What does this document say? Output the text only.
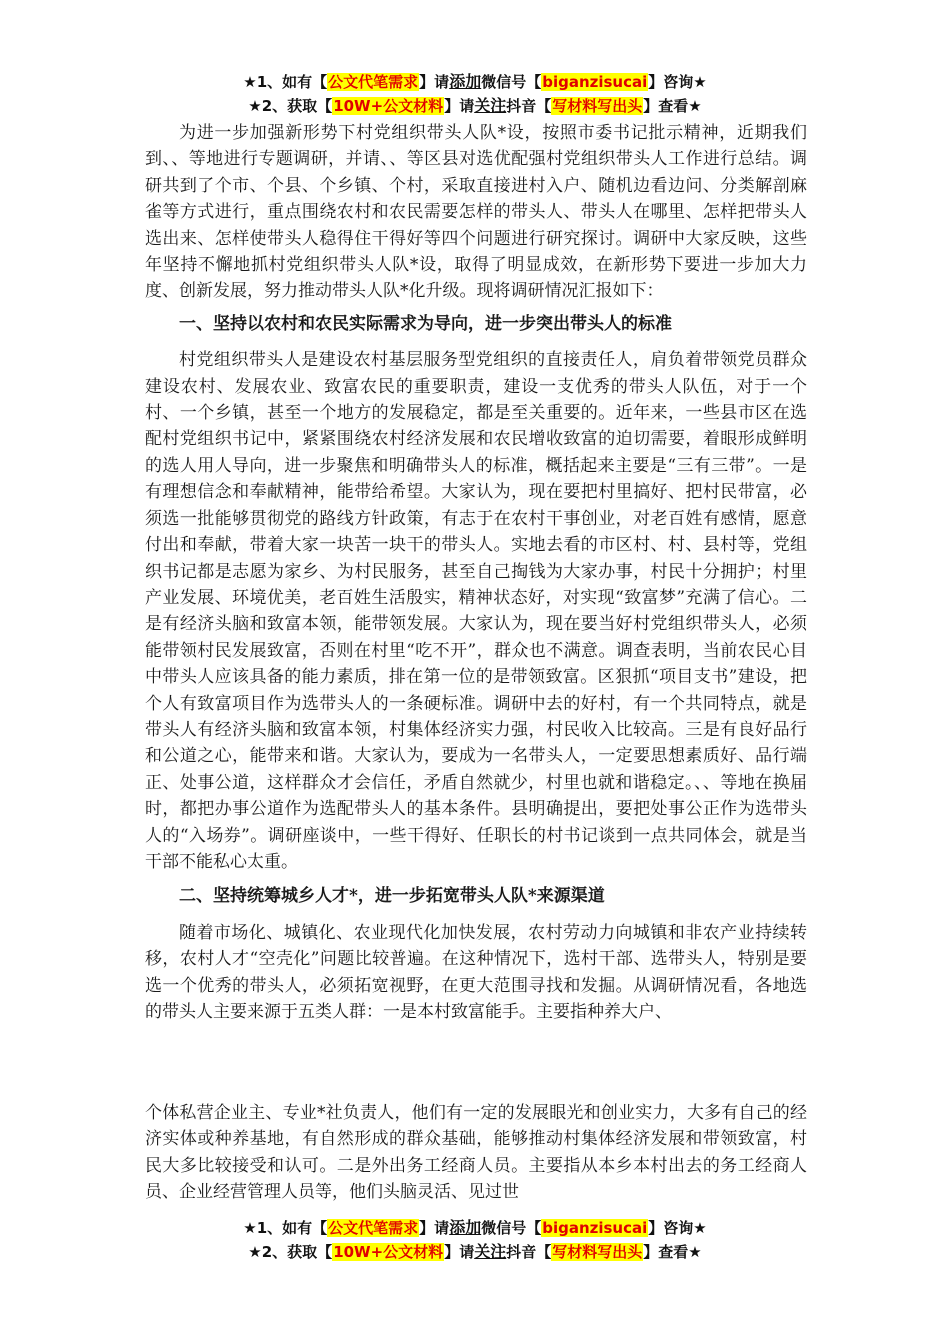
★1、如有【公文代笔需求】请添加微信号【biganzisucai】咨询★
★2、获取【10W+公文材料】请关注抖音【写材料写出头】查看★

为进一步加强新形势下村党组织带头人队*设，按照市委书记批示精神，近期我们到、、等地进行专题调研，并请、、等区县对选优配强村党组织带头人工作进行总结。调研共到了个市、个县、个乡镇、个村，采取直接进村入户、随机边看边问、分类解剖麻雀等方式进行，重点围绕农村和农民需要怎样的带头人、带头人在哪里、怎样把带头人选出来、怎样使带头人稳得住干得好等四个问题进行研究探讨。调研中大家反映，这些年坚持不懈地抓村党组织带头人队*设，取得了明显成效，在新形势下要进一步加大力度、创新发展，努力推动带头人队*化升级。现将调研情况汇报如下：

一、坚持以农村和农民实际需求为导向，进一步突出带头人的标准

村党组织带头人是建设农村基层服务型党组织的直接责任人，肩负着带领党员群众建设农村、发展农业、致富农民的重要职责，建设一支优秀的带头人队伍，对于一个村、一个乡镇，甚至一个地方的发展稳定，都是至关重要的。近年来，一些县市区在选配村党组织书记中，紧紧围绕农村经济发展和农民增收致富的迫切需要，着眼形成鲜明的选人用人导向，进一步聚焦和明确带头人的标准，概括起来主要是“三有三带”。一是有理想信念和奉献精神，能带给希望。大家认为，现在要把村里搞好、把村民带富，必须选一批能够贯彻党的路线方针政策，有志于在农村干事创业，对老百姓有感情，愿意付出和奉献，带着大家一块苦一块干的带头人。实地去看的市区村、村、县村等，党组织书记都是志愿为家乡、为村民服务，甚至自己掏钱为大家办事，村民十分拥护；村里产业发展、环境优美，老百姓生活殷实，精神状态好，对实现“致富梦”充满了信心。二是有经济头脑和致富本领，能带领发展。大家认为，现在要当好村党组织带头人，必须能带领村民发展致富，否则在村里“吃不开”，群众也不满意。调查表明，当前农民心目中带头人应该具备的能力素质，排在第一位的是带领致富。区狠抓“项目支书”建设，把个人有致富项目作为选带头人的一条硬标准。调研中去的好村，有一个共同特点，就是带头人有经济头脑和致富本领，村集体经济实力强，村民收入比较高。三是有良好品行和公道之心，能带来和谐。大家认为，要成为一名带头人，一定要思想素质好、品行端正、处事公道，这样群众才会信任，矛盾自然就少，村里也就和谐稳定。、、等地在换届时，都把办事公道作为选配带头人的基本条件。县明确提出，要把处事公正作为选带头人的“入场券”。调研座谈中，一些干得好、任职长的村书记谈到一点共同体会，就是当干部不能私心太重。

二、坚持统筹城乡人才*，进一步拓宽带头人队*来源渠道

随着市场化、城镇化、农业现代化加快发展，农村劳动力向城镇和非农产业持续转移，农村人才“空壳化”问题比较普遍。在这种情况下，选村干部、选带头人，特别是要选一个优秀的带头人，必须拓宽视野，在更大范围寻找和发掘。从调研情况看，各地选的带头人主要来源于五类人群：一是本村致富能手。主要指种养大户、

个体私营企业主、专业*社负责人，他们有一定的发展眼光和创业实力，大多有自己的经济实体或种养基地，有自然形成的群众基础，能够推动村集体经济发展和带领致富，村民大多比较接受和认可。二是外出务工经商人员。主要指从本乡本村出去的务工经商人员、企业经营管理人员等，他们头脑灵活、见过世

★1、如有【公文代笔需求】请添加微信号【biganzisucai】咨询★
★2、获取【10W+公文材料】请关注抖音【写材料写出头】查看★
